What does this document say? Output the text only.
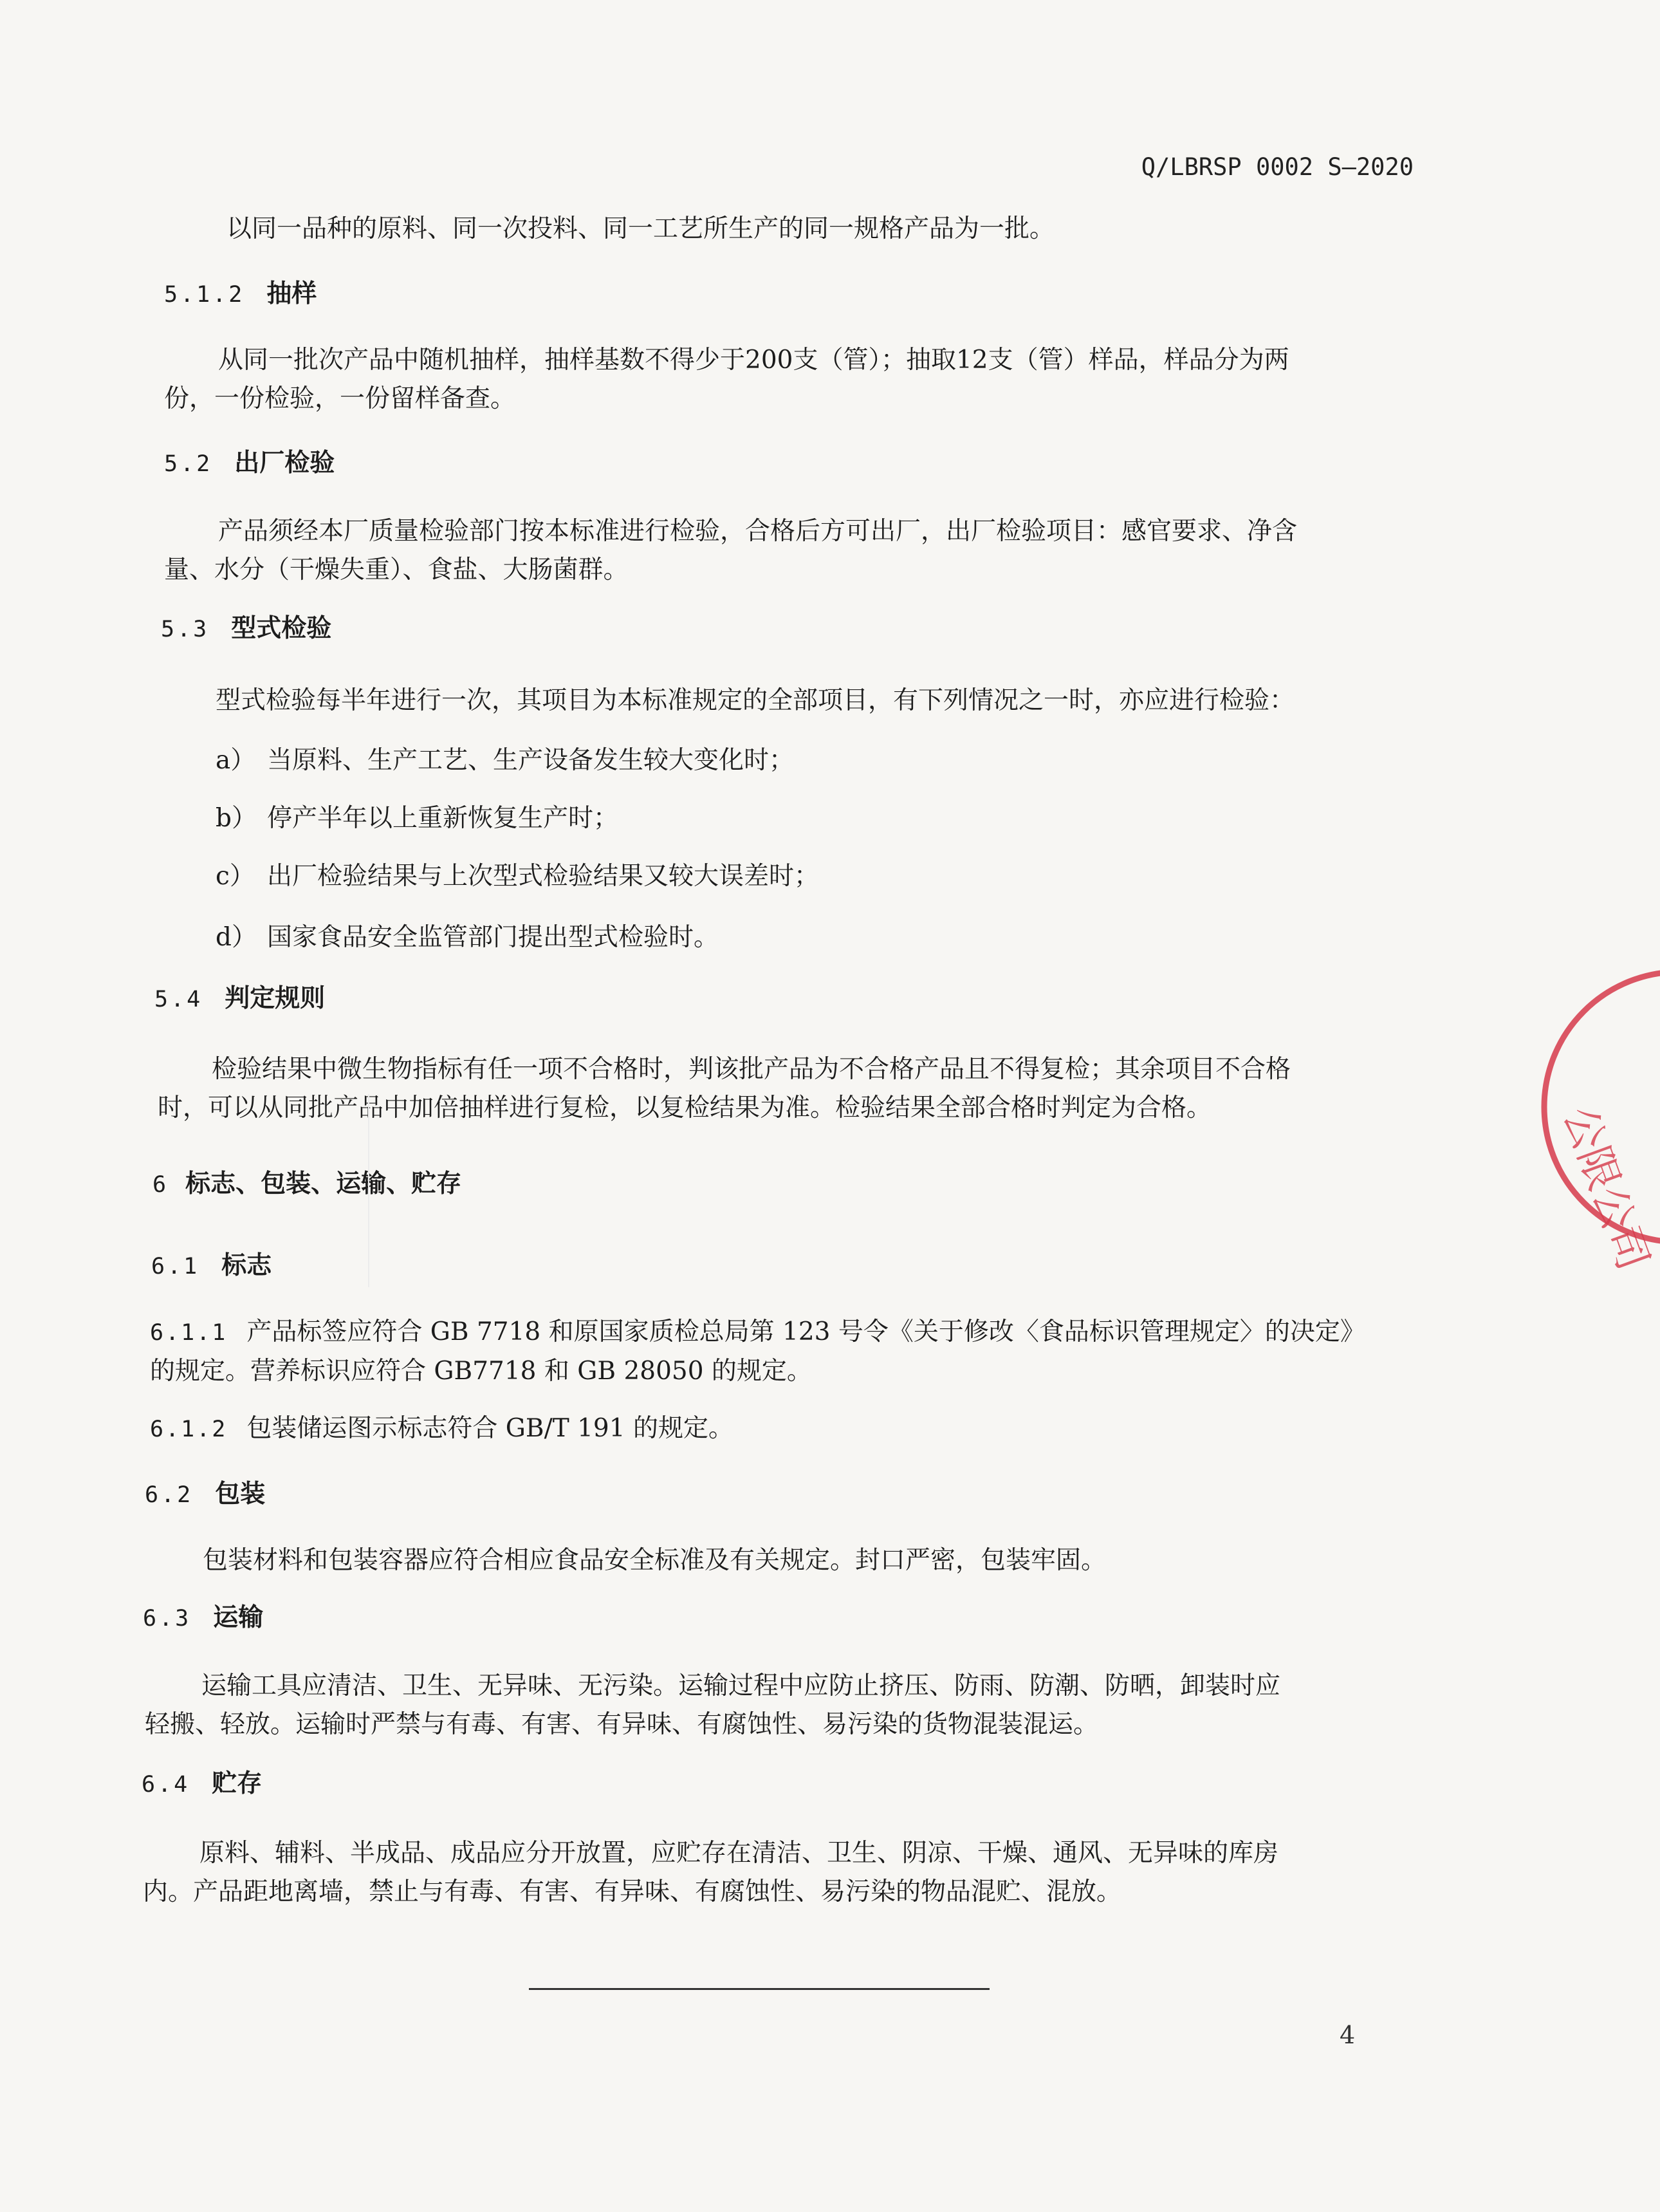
Q/LBRSP 0002 S—2020
以同一品种的原料、同一次投料、同一工艺所生产的同一规格产品为一批。
5.1.2 抽样
从同一批次产品中随机抽样，抽样基数不得少于200支（管）；抽取12支（管）样品，样品分为两
份，一份检验，一份留样备查。
5.2 出厂检验
产品须经本厂质量检验部门按本标准进行检验，合格后方可出厂，出厂检验项目：感官要求、净含
量、水分（干燥失重）、食盐、大肠菌群。
5.3 型式检验
型式检验每半年进行一次，其项目为本标准规定的全部项目，有下列情况之一时，亦应进行检验：
a） 当原料、生产工艺、生产设备发生较大变化时；
b） 停产半年以上重新恢复生产时；
c） 出厂检验结果与上次型式检验结果又较大误差时；
d） 国家食品安全监管部门提出型式检验时。
5.4 判定规则
检验结果中微生物指标有任一项不合格时，判该批产品为不合格产品且不得复检；其余项目不合格
时，可以从同批产品中加倍抽样进行复检，以复检结果为准。检验结果全部合格时判定为合格。
6 标志、包装、运输、贮存
6.1 标志
6.1.1 产品标签应符合 GB 7718 和原国家质检总局第 123 号令《关于修改〈食品标识管理规定〉的决定》
的规定。营养标识应符合 GB7718 和 GB 28050 的规定。
6.1.2 包装储运图示标志符合 GB/T 191 的规定。
6.2 包装
包装材料和包装容器应符合相应食品安全标准及有关规定。封口严密，包装牢固。
6.3 运输
运输工具应清洁、卫生、无异味、无污染。运输过程中应防止挤压、防雨、防潮、防晒，卸装时应
轻搬、轻放。运输时严禁与有毒、有害、有异味、有腐蚀性、易污染的货物混装混运。
6.4 贮存
原料、辅料、半成品、成品应分开放置，应贮存在清洁、卫生、阴凉、干燥、通风、无异味的库房
内。产品距地离墙，禁止与有毒、有害、有异味、有腐蚀性、易污染的物品混贮、混放。
4
公限公司
